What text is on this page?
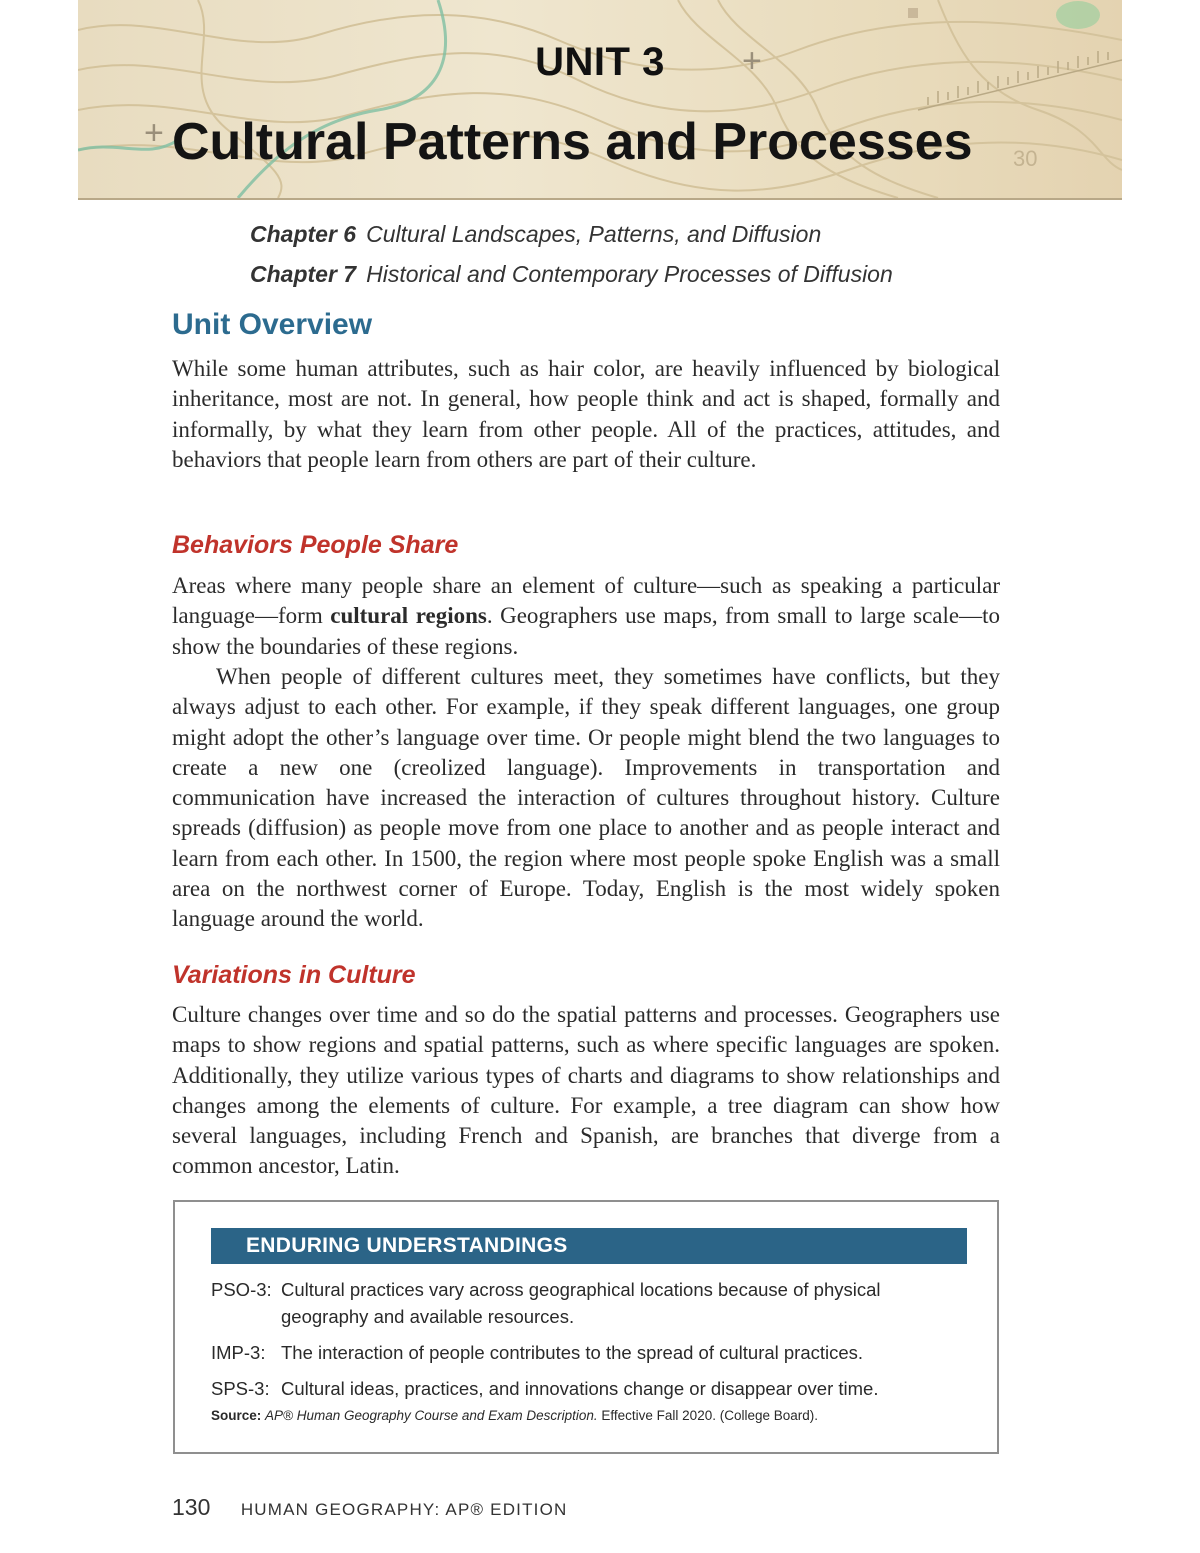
30
UNIT 3	+
+ Cultural Patterns and Processes
Chapter 6 Cultural Landscapes, Patterns, and Diffusion
Chapter 7 Historical and Contemporary Processes of Diffusion
Unit Overview

While some human attributes, such as hair color, are heavily influenced by biological inheritance, most are not. In general, how people think and act is shaped, formally and informally, by what they learn from other people. All of the practices, attitudes, and behaviors that people learn from others are part of their culture.

Behaviors People Share

Areas where many people share an element of culture—such as speaking a particular language—form cultural regions. Geographers use maps, from small to large scale—to show the boundaries of these regions.

When people of different cultures meet, they sometimes have conflicts, but they always adjust to each other. For example, if they speak different languages, one group might adopt the other’s language over time. Or people might blend the two languages to create a new one (creolized language). Improvements in transportation and communication have increased the interaction of cultures throughout history. Culture spreads (diffusion) as people move from one place to another and as people interact and learn from each other. In 1500, the region where most people spoke English was a small area on the northwest corner of Europe. Today, English is the most widely spoken language around the world.

Variations in Culture

Culture changes over time and so do the spatial patterns and processes. Geographers use maps to show regions and spatial patterns, such as where specific languages are spoken. Additionally, they utilize various types of charts and diagrams to show relationships and changes among the elements of culture. For example, a tree diagram can show how several languages, including French and Spanish, are branches that diverge from a common ancestor, Latin.

ENDURING UNDERSTANDINGS
PSO-3: Cultural practices vary across geographical locations because of physical geography and available resources.
IMP-3: The interaction of people contributes to the spread of cultural practices.
SPS-3: Cultural ideas, practices, and innovations change or disappear over time.
Source: AP® Human Geography Course and Exam Description. Effective Fall 2020. (College Board).
130 HUMAN GEOGRAPHY: AP® EDITION
